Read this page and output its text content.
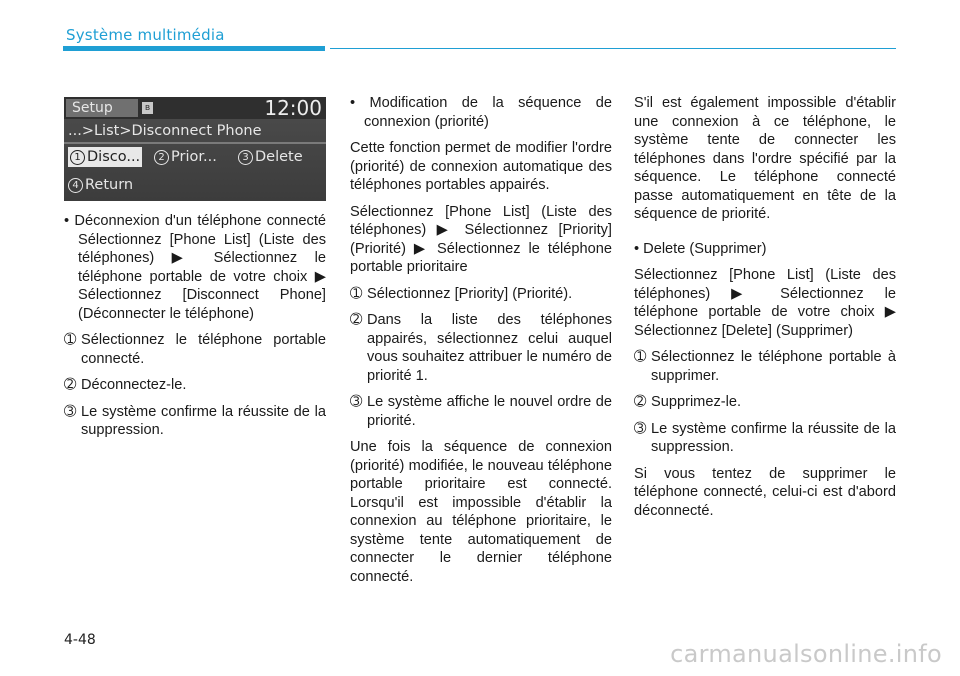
Système multimédia
Setup	ʙ	12:00
...>List>Disconnect Phone
1 Disco...	2 Prior...	3 Delete
4 Return

• Déconnexion d'un téléphone connecté Sélectionnez [Phone List] (Liste des téléphones) ▶ Sélectionnez le téléphone portable de votre choix ▶ Sélectionnez [Disconnect Phone] (Déconnecter le téléphone)

➀ Sélectionnez le téléphone portable connecté.

➁ Déconnectez-le.

➂ Le système confirme la réussite de la suppression.

• Modification de la séquence de connexion (priorité)

Cette fonction permet de modifier l'ordre (priorité) de connexion automatique des téléphones portables appairés.

Sélectionnez [Phone List] (Liste des téléphones) ▶ Sélectionnez [Priority] (Priorité) ▶ Sélectionnez le téléphone portable prioritaire

➀ Sélectionnez [Priority] (Priorité).

➁ Dans la liste des téléphones appairés, sélectionnez celui auquel vous souhaitez attribuer le numéro de priorité 1.

➂ Le système affiche le nouvel ordre de priorité.

Une fois la séquence de connexion (priorité) modifiée, le nouveau téléphone portable prioritaire est connecté. Lorsqu'il est impossible d'établir la connexion au téléphone prioritaire, le système tente automatiquement de connecter le dernier téléphone connecté.

S'il est également impossible d'établir une connexion à ce téléphone, le système tente de connecter les téléphones dans l'ordre spécifié par la séquence. Le téléphone connecté passe automatiquement en tête de la séquence de priorité.

• Delete (Supprimer)

Sélectionnez [Phone List] (Liste des téléphones) ▶ Sélectionnez le téléphone portable de votre choix ▶ Sélectionnez [Delete] (Supprimer)

➀ Sélectionnez le téléphone portable à supprimer.

➁ Supprimez-le.

➂ Le système confirme la réussite de la suppression.

Si vous tentez de supprimer le téléphone connecté, celui-ci est d'abord déconnecté.

4-48	carmanualsonline.info
